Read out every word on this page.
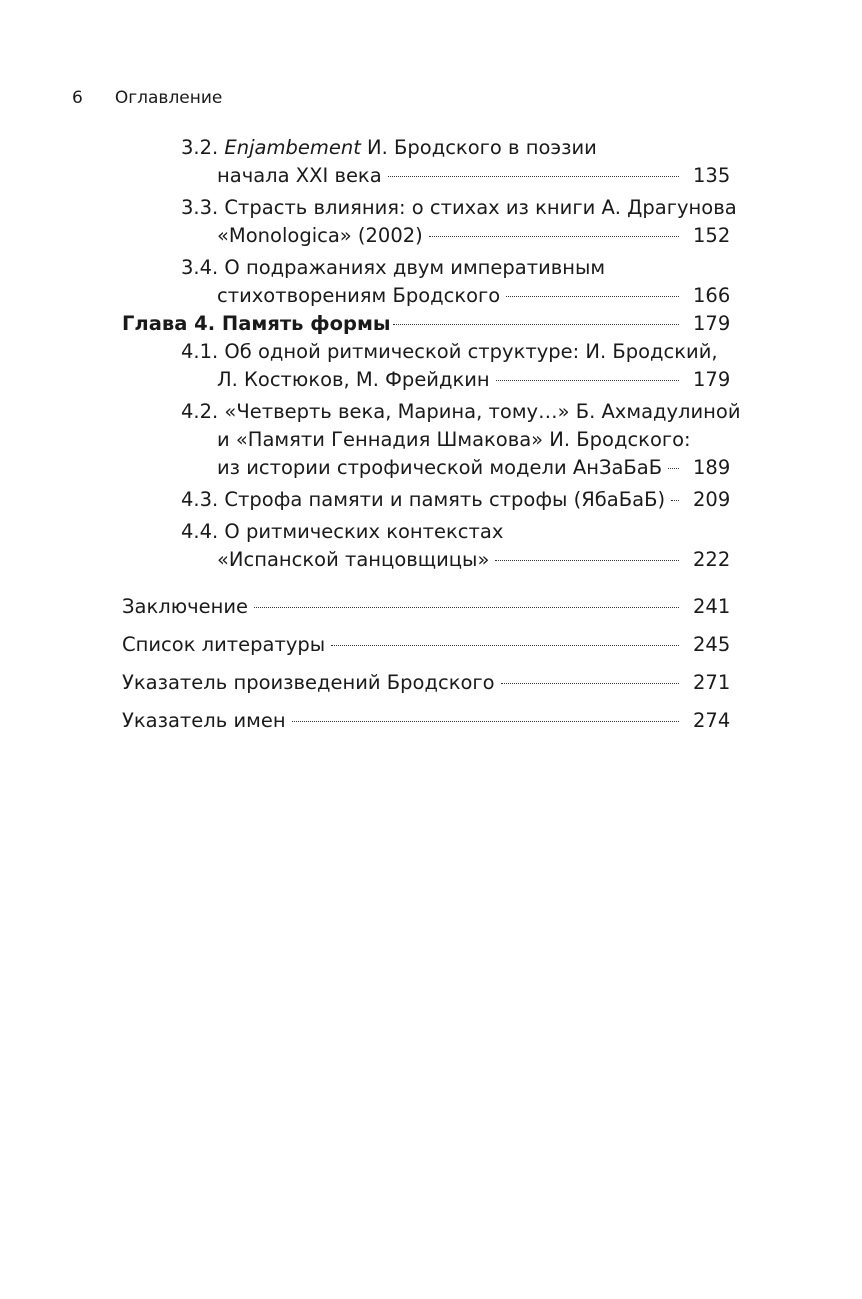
6 Оглавление
3.2. Enjambement И. Бродского в поэзии
начала XXI века	135
3.3. Страсть влияния: о стихах из книги А. Драгунова
«Monologica» (2002)	152
3.4. О подражаниях двум императивным
стихотворениям Бродского	166
Глава 4. Память формы	179
4.1. Об одной ритмической структуре: И. Бродский,
Л. Костюков, М. Фрейдкин	179
4.2. «Четверть века, Марина, тому…» Б. Ахмадулиной
и «Памяти Геннадия Шмакова» И. Бродского:
из истории строфической модели АнЗаБаБ 189
4.3. Строфа памяти и память строфы (ЯбаБаБ) 209
4.4. О ритмических контекстах
«Испанской танцовщицы»	222
Заключение	241
Список литературы	245
Указатель произведений Бродского	271
Указатель имен	274
